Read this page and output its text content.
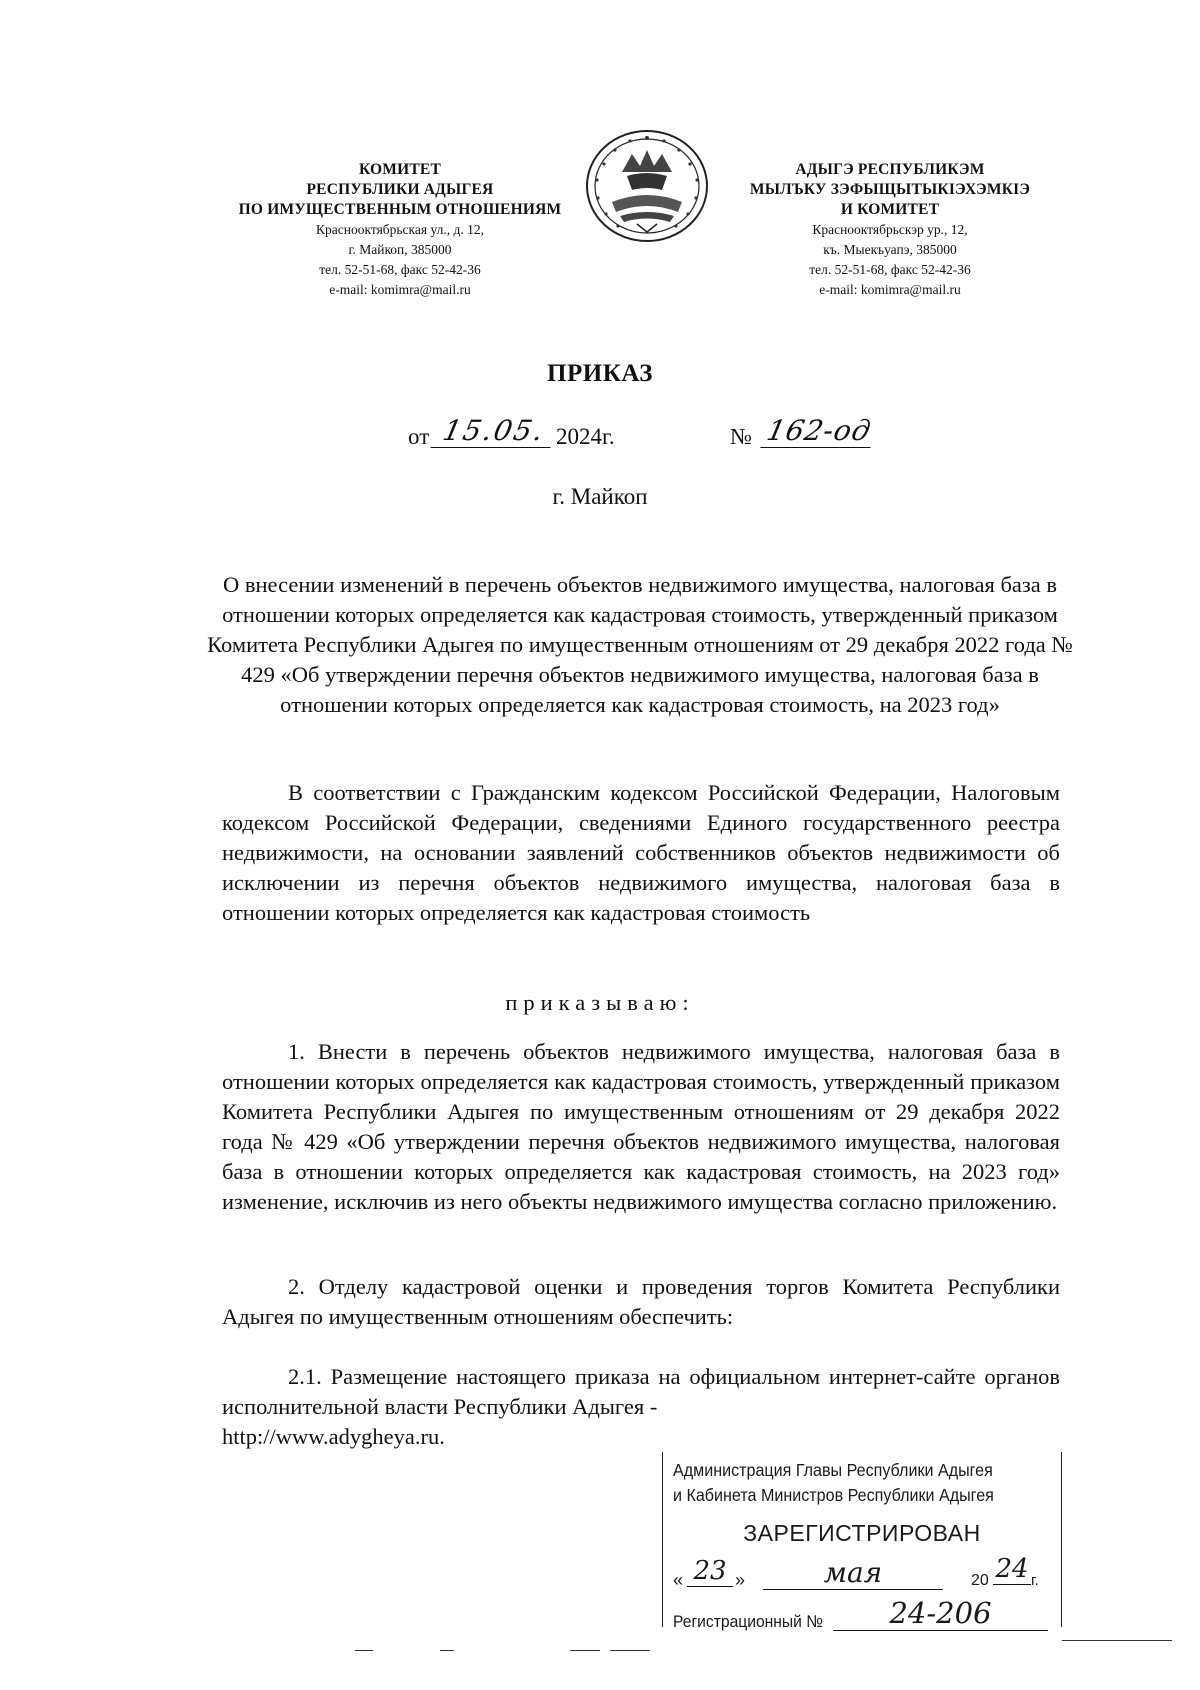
КОМИТЕТ
РЕСПУБЛИКИ АДЫГЕЯ
ПО ИМУЩЕСТВЕННЫМ ОТНОШЕНИЯМ
Краснооктябрьская ул., д. 12,
г. Майкоп, 385000
тел. 52-51-68, факс 52-42-36
e-mail: komimra@mail.ru
АДЫГЭ РЕСПУБЛИКЭМ
МЫЛЪКУ ЗЭФЫЩЫТЫКIЭХЭМКIЭ
И КОМИТЕТ
Краснооктябрьскэр ур., 12,
къ. Мыекъуапэ, 385000
тел. 52-51-68, факс 52-42-36
e-mail: komimra@mail.ru
ПРИКАЗ
от 15.05. 2024г.	№ 162-од
г. Майкоп
О внесении изменений в перечень объектов недвижимого имущества, налоговая база в отношении которых определяется как кадастровая стоимость, утвержденный приказом Комитета Республики Адыгея по имущественным отношениям от 29 декабря 2022 года № 429 «Об утверждении перечня объектов недвижимого имущества, налоговая база в отношении которых определяется как кадастровая стоимость, на 2023 год»
В соответствии с Гражданским кодексом Российской Федерации, Налоговым кодексом Российской Федерации, сведениями Единого государственного реестра недвижимости, на основании заявлений собственников объектов недвижимости об исключении из перечня объектов недвижимого имущества, налоговая база в отношении которых определяется как кадастровая стоимость
приказываю:
1. Внести в перечень объектов недвижимого имущества, налоговая база в отношении которых определяется как кадастровая стоимость, утвержденный приказом Комитета Республики Адыгея по имущественным отношениям от 29 декабря 2022 года № 429 «Об утверждении перечня объектов недвижимого имущества, налоговая база в отношении которых определяется как кадастровая стоимость, на 2023 год» изменение, исключив из него объекты недвижимого имущества согласно приложению.
2. Отделу кадастровой оценки и проведения торгов Комитета Республики Адыгея по имущественным отношениям обеспечить:
2.1. Размещение настоящего приказа на официальном интернет-сайте органов исполнительной власти Республики Адыгея -
http://www.adygheya.ru.
Администрация Главы Республики Адыгея
и Кабинета Министров Республики Адыгея
ЗАРЕГИСТРИРОВАН
« 23 »	мая	20 24 г.
Регистрационный №	24-206
